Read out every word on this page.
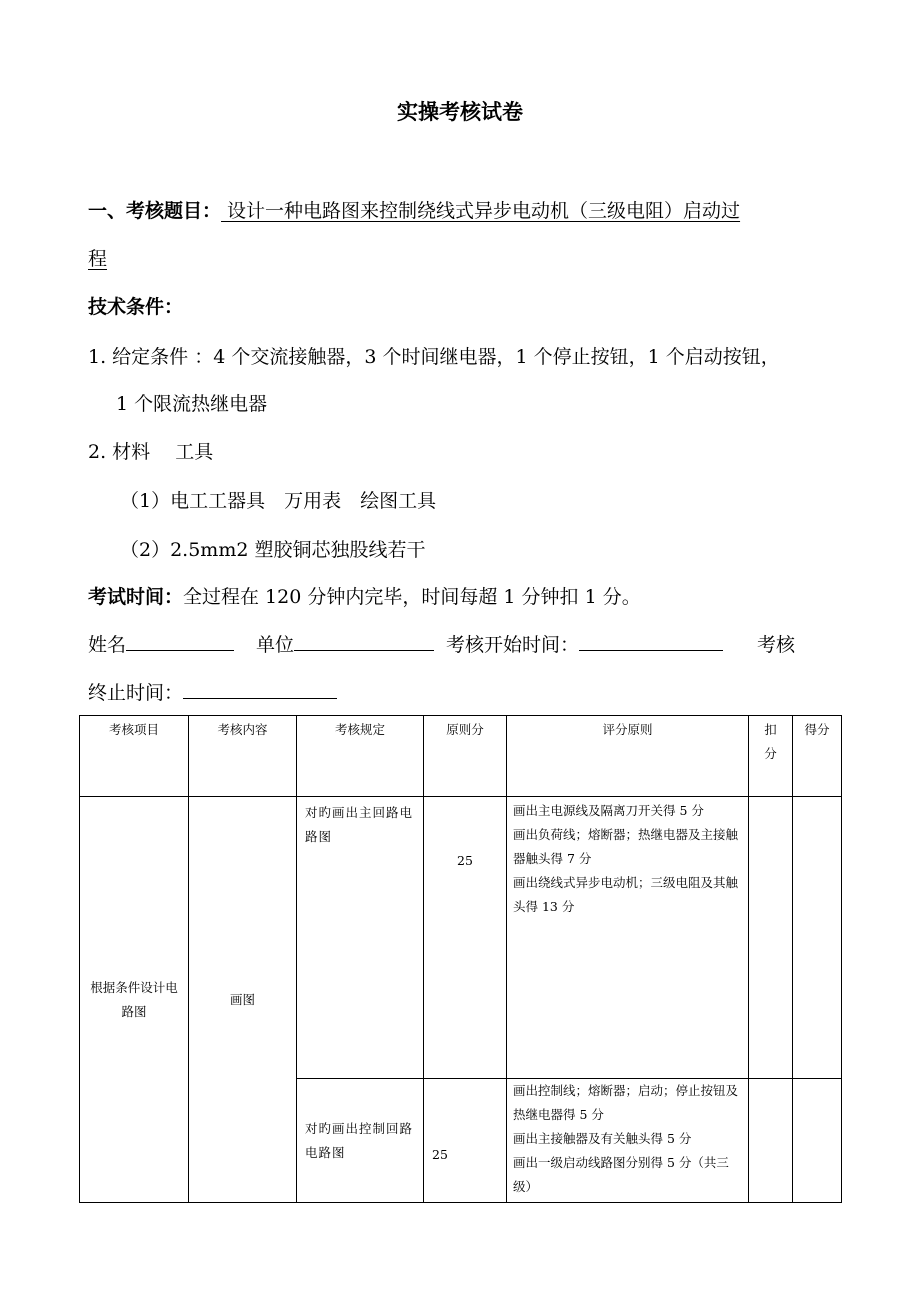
实操考核试卷
一、考核题目： 设计一种电路图来控制绕线式异步电动机（三级电阻）启动过
程
技术条件：
1. 给定条件 ：4 个交流接触器，3 个时间继电器，1 个停止按钮，1 个启动按钮，
1 个限流热继电器
2. 材料　 工具
（1）电工工器具　万用表　绘图工具
（2）2.5mm2 塑胶铜芯独股线若干
考试时间：全过程在 120 分钟内完毕，时间每超 1 分钟扣 1 分。
姓名	单位	考核开始时间：	考核
终止时间：
考核项目	考核内容	考核规定	原则分	评分原则	扣分	得分
根据条件设计电路图	画图	对旳画出主回路电路图	25	画出主电源线及隔离刀开关得 5 分
画出负荷线；熔断器；热继电器及主接触器触头得 7 分
画出绕线式异步电动机；三级电阻及其触头得 13 分		
		对旳画出控制回路电路图	25	画出控制线；熔断器；启动；停止按钮及热继电器得 5 分
画出主接触器及有关触头得 5 分
画出一级启动线路图分别得 5 分（共三级）		
